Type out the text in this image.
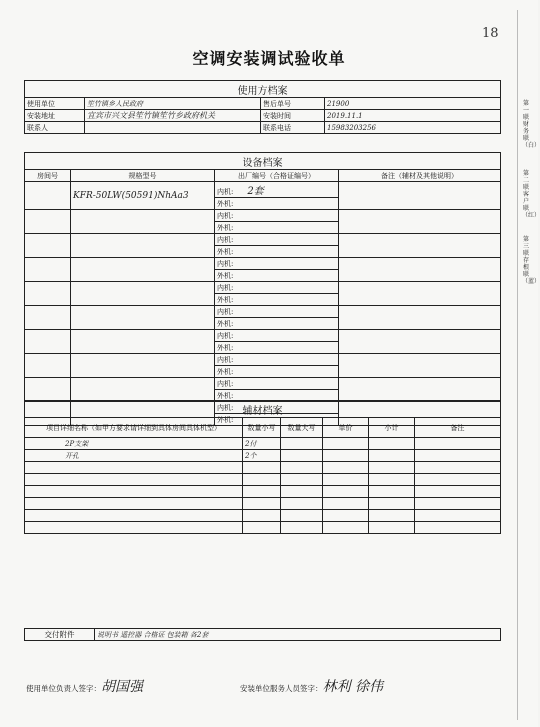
18
空调安装调试验收单
使用方档案			
使用单位	笙竹镇乡人民政府	售后单号	21900
安装地址	宜宾市兴文县笙竹镇笙竹乡政府机关	安装时间	2019.11.1
联系人		联系电话	15983203256
设备档案			
房间号	规格型号	出厂编号（合格证编号）	备注（辅材及其他说明）
	KFR-50LW(50591)NhAa3	内机: 2套	
		外机:	
		内机:	
		外机:	
		内机:	
		外机:	
		内机:	
		外机:	
		内机:	
		外机:	
		内机:	
		外机:	
		内机:	
		外机:	
		内机:	
		外机:	
		内机:	
		外机:	
		内机:	
		外机:	
辅材档案					
项目详细名称（如甲方要求请详细到具体房间具体机型）	数量小写	数量大写	单价	小计	备注
2P支架	2付				
开孔	2个				

交付附件	说明书 遥控器 合格证 包装箱 各2套
使用单位负责人签字：胡国强	安装单位服务人员签字：林利 徐伟
第一联财务联（白）
第二联客户联（红）
第三联存根联（蓝）
